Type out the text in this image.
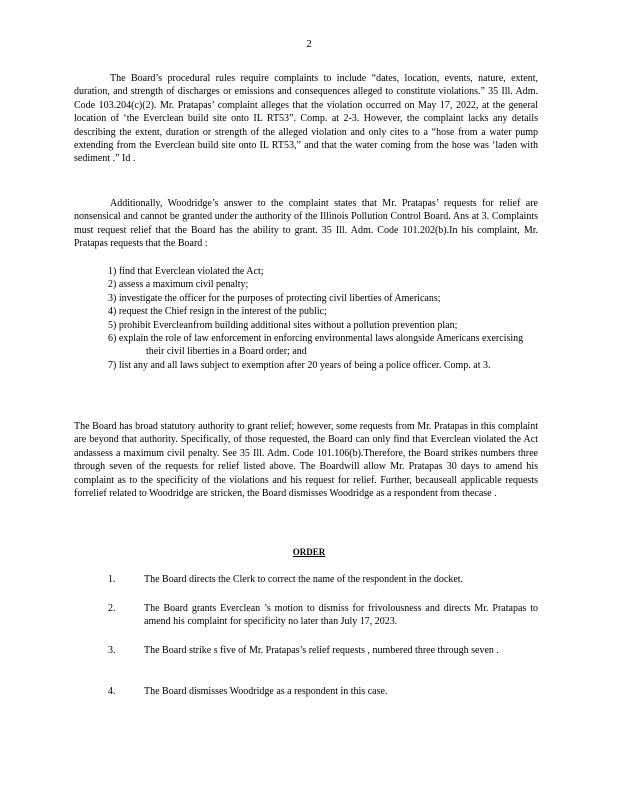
2

The Board’s procedural rules require complaints to include “dates, location, events, nature, extent, duration, and strength of discharges or emissions and consequences alleged to constitute violations.” 35 Ill. Adm. Code 103.204(c)(2). Mr. Pratapas’ complaint alleges that the violation occurred on May 17, 2022, at the general location of ‘the Everclean build site onto IL RT53”. Comp. at 2-3. However, the complaint lacks any details describing the extent, duration or strength of the alleged violation and only cites to a “hose from a water pump extending from the Everclean build site onto IL RT53,” and that the water coming from the hose was ‘laden with sediment .” Id .

Additionally, Woodridge’s answer to the complaint states that Mr. Pratapas’ requests for relief are nonsensical and cannot be granted under the authority of the Illinois Pollution Control Board. Ans at 3. Complaints must request relief that the Board has the ability to grant. 35 Ill. Adm. Code 101.202(b).In his complaint, Mr. Pratapas requests that the Board :

1) find that Everclean violated the Act;
2) assess a maximum civil penalty;
3) investigate the officer for the purposes of protecting civil liberties of Americans;
4) request the Chief resign in the interest of the public;
5) prohibit Evercleanfrom building additional sites without a pollution prevention plan;
6) explain the role of law enforcement in enforcing environmental laws alongside Americans exercising their civil liberties in a Board order; and
7) list any and all laws subject to exemption after 20 years of being a police officer. Comp. at 3.

The Board has broad statutory authority to grant relief; however, some requests from Mr. Pratapas in this complaint are beyond that authority. Specifically, of those requested, the Board can only find that Everclean violated the Act andassess a maximum civil penalty. See 35 Ill. Adm. Code 101.106(b).Therefore, the Board strikes numbers three through seven of the requests for relief listed above. The Boardwill allow Mr. Pratapas 30 days to amend his complaint as to the specificity of the violations and his request for relief. Further, becauseall applicable requests forrelief related to Woodridge are stricken, the Board dismisses Woodridge as a respondent from thecase .

ORDER
1.	The Board directs the Clerk to correct the name of the respondent in the docket.
2.	The Board grants Everclean ’s motion to dismiss for frivolousness and directs Mr. Pratapas to amend his complaint for specificity no later than July 17, 2023.
3.	The Board strike s five of Mr. Pratapas’s relief requests , numbered three through seven .
4.	The Board dismisses Woodridge as a respondent in this case.
